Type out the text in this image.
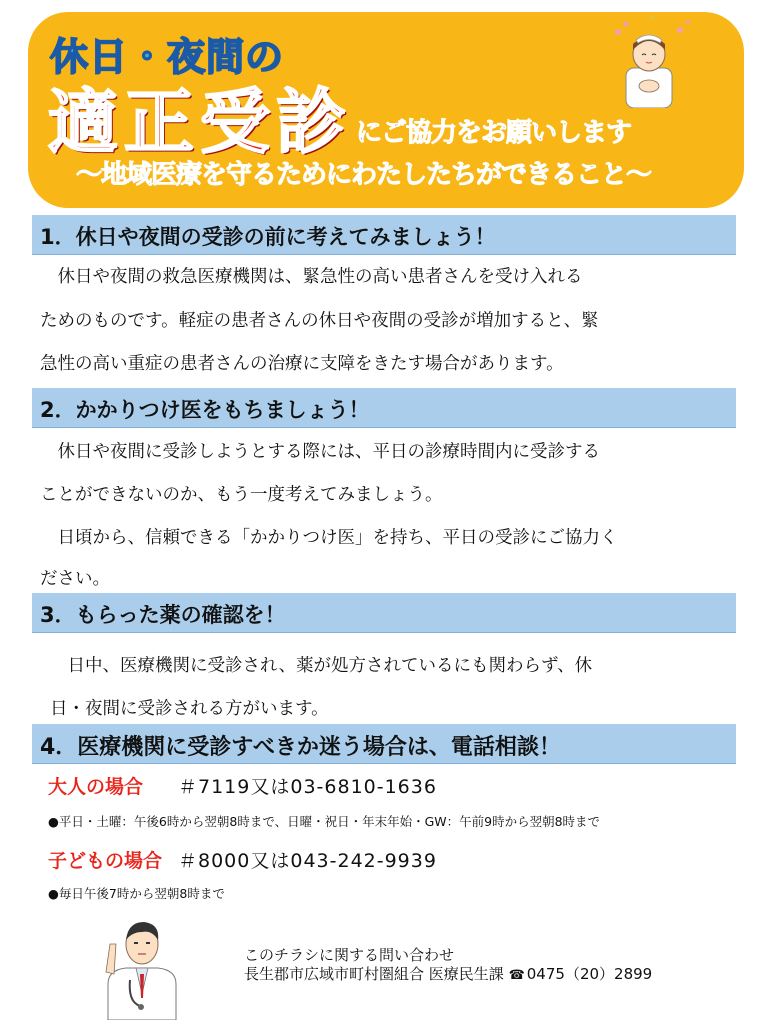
休日・夜間の
適正受診 にご協力をお願いします
〜地域医療を守るためにわたしたちができること〜
1．休日や夜間の受診の前に考えてみましょう！
　休日や夜間の救急医療機関は、緊急性の高い患者さんを受け入れる
ためのものです。軽症の患者さんの休日や夜間の受診が増加すると、緊
急性の高い重症の患者さんの治療に支障をきたす場合があります。
2．かかりつけ医をもちましょう！
　休日や夜間に受診しようとする際には、平日の診療時間内に受診する
ことができないのか、もう一度考えてみましょう。
　日頃から、信頼できる「かかりつけ医」を持ち、平日の受診にご協力く
ださい。
3．もらった薬の確認を！
　日中、医療機関に受診され、薬が処方されているにも関わらず、休
日・夜間に受診される方がいます。
4．医療機関に受診すべきか迷う場合は、電話相談！
大人の場合 ＃7119又は03-6810-1636
●平日・土曜：午後6時から翌朝8時まで、日曜・祝日・年末年始・GW：午前9時から翌朝8時まで
子どもの場合 ＃8000又は043-242-9939
●毎日午後7時から翌朝8時まで
このチラシに関する問い合わせ
長生郡市広域市町村圏組合 医療民生課 ☎ 0475（20）2899
